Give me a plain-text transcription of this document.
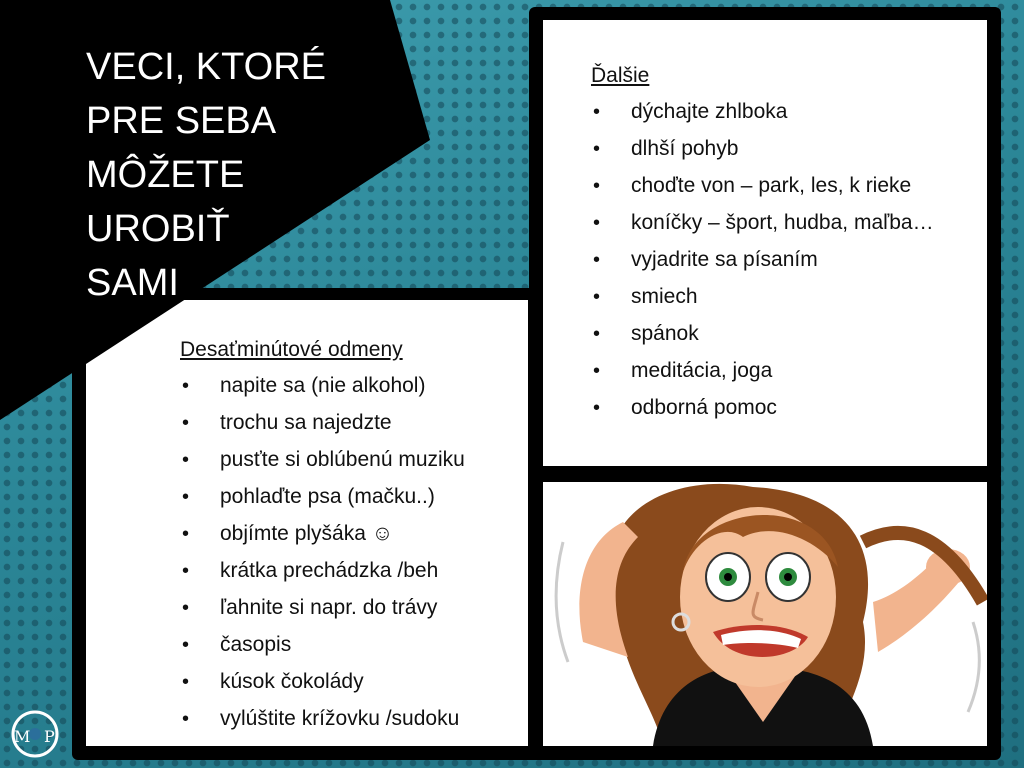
VECI, KTORÉ
PRE SEBA
MÔŽETE
UROBIŤ
SAMI

Desaťminútové odmeny

• napite sa (nie alkohol)
• trochu sa najedzte
• pusťte si oblúbenú muziku
• pohlaďte psa (mačku..)
• objímte plyšáka ☺
• krátka prechádzka /beh
• ľahnite si napr. do trávy
• časopis
• kúsok čokolády
• vylúštite krížovku /sudoku

Ďalšie

• dýchajte zhlboka
• dlhší pohyb
• choďte von – park, les, k rieke
• koníčky – šport, hudba, maľba…
• vyjadrite sa písaním
• smiech
• spánok
• meditácia, joga
• odborná pomoc
M P
